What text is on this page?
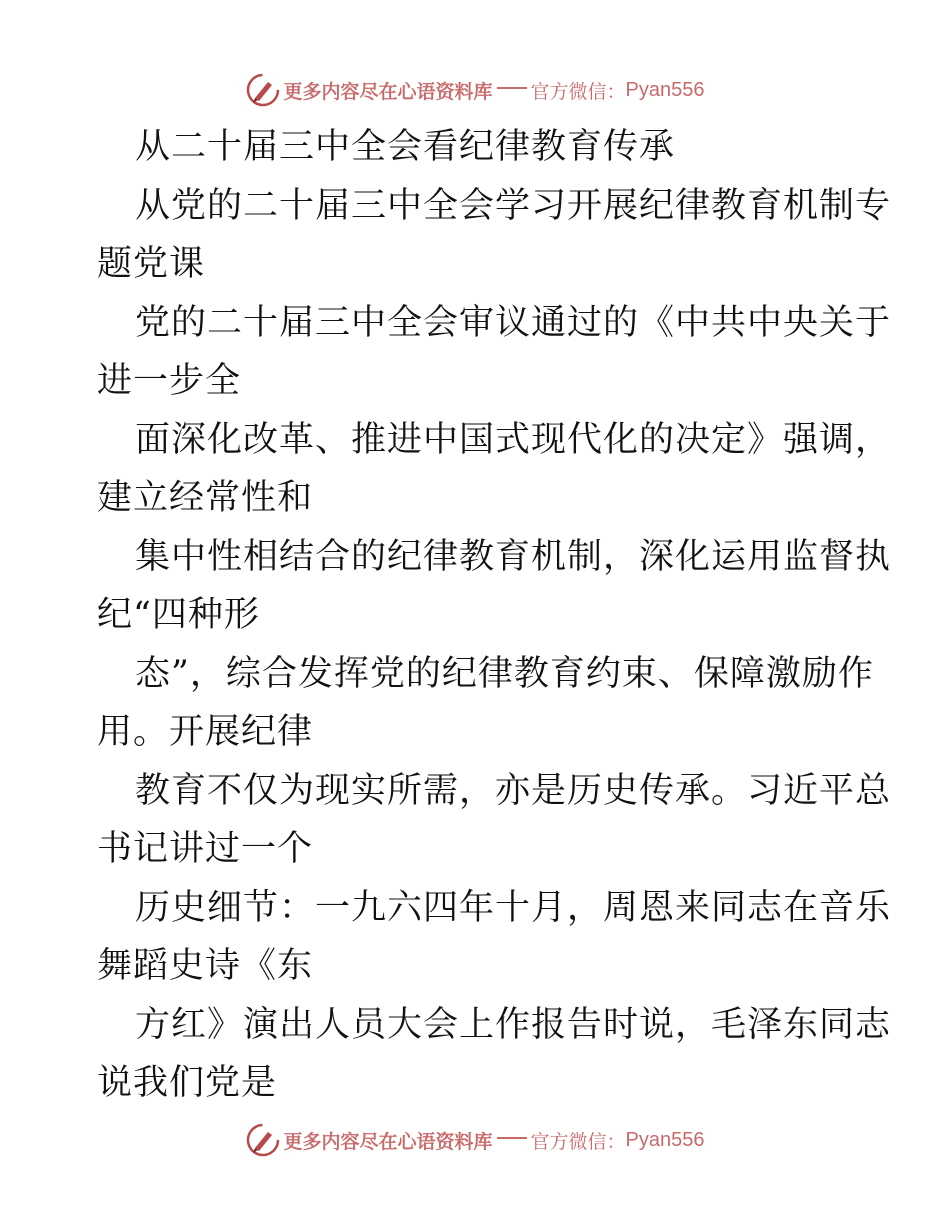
更多内容尽在心语资料库 官方微信： Pyan556
从二十届三中全会看纪律教育传承
从党的二十届三中全会学习开展纪律教育机制专
题党课
党的二十届三中全会审议通过的《中共中央关于
进一步全
面深化改革、推进中国式现代化的决定》强调，
建立经常性和
集中性相结合的纪律教育机制，深化运用监督执
纪“四种形
态”，综合发挥党的纪律教育约束、保障激励作
用。开展纪律
教育不仅为现实所需，亦是历史传承。习近平总
书记讲过一个
历史细节：一九六四年十月，周恩来同志在音乐
舞蹈史诗《东
方红》演出人员大会上作报告时说，毛泽东同志
说我们党是
更多内容尽在心语资料库 官方微信： Pyan556
